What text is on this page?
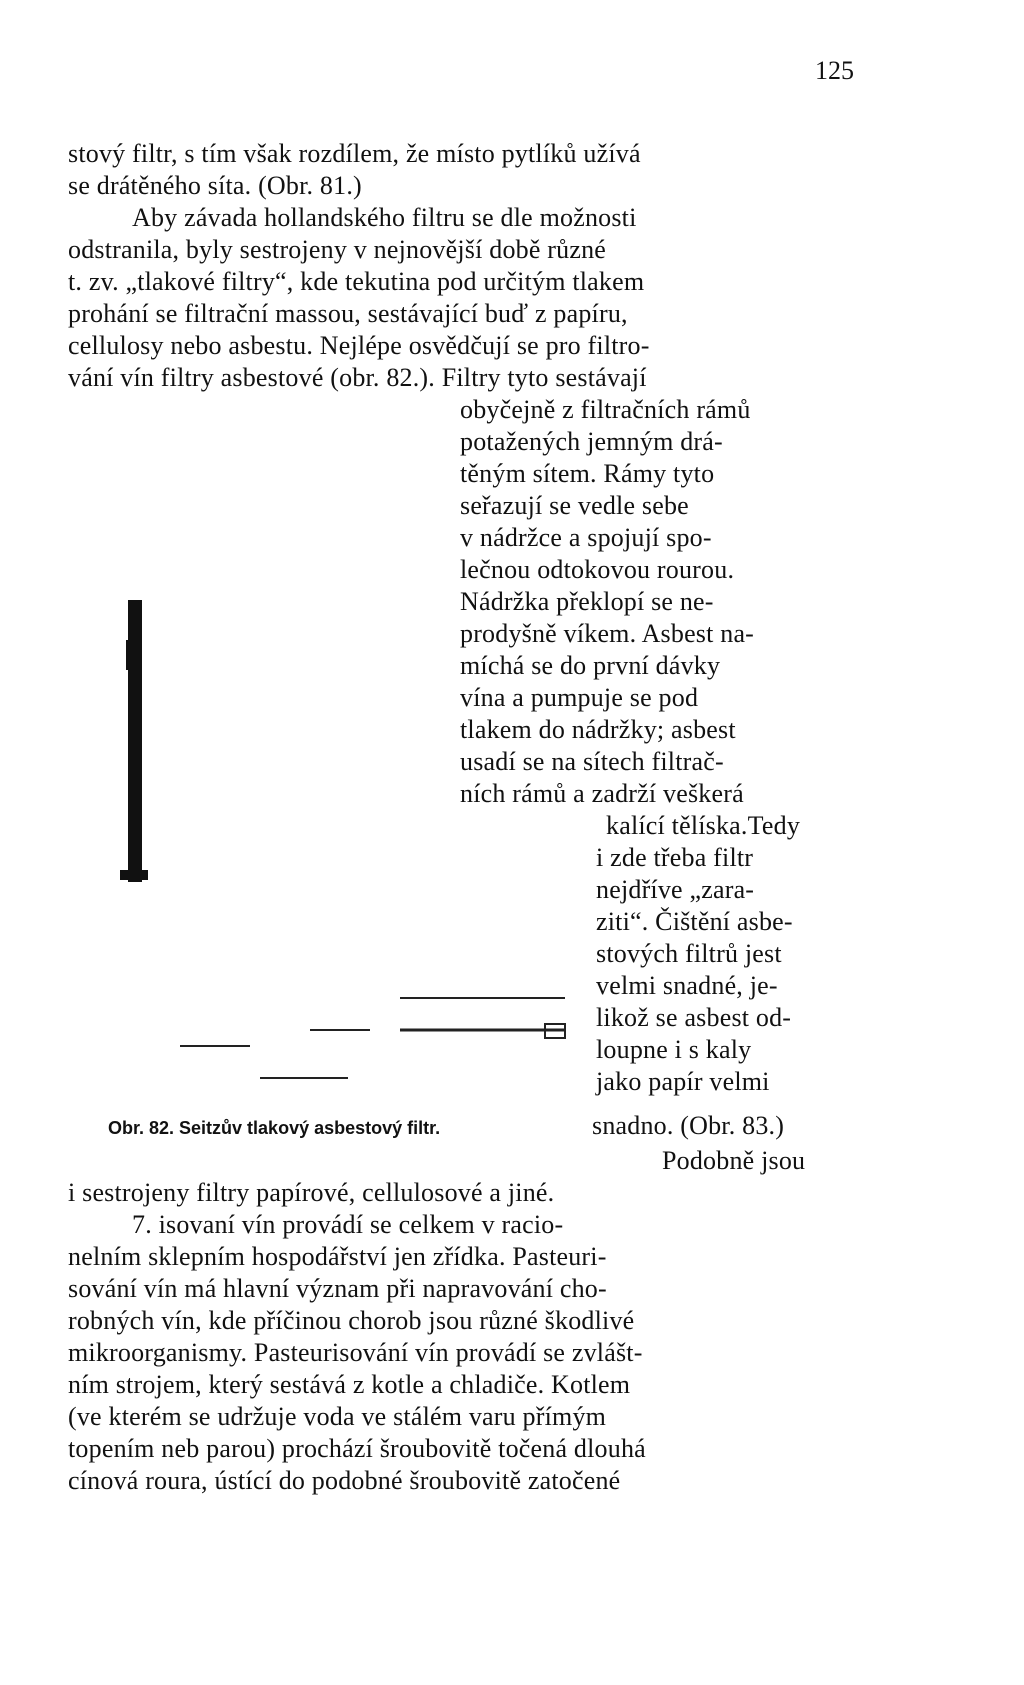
125
Obr. 82. Seitzův tlakový asbestový filtr.
stový filtr, s tím však rozdílem, že místo pytlíků užívá
se drátěného síta. (Obr. 81.)
Aby závada hollandského filtru se dle možnosti
odstranila, byly sestrojeny v nejnovější době různé
t. zv. „tlakové filtry“, kde tekutina pod určitým tlakem
prohání se filtrační massou, sestávající buď z papíru,
cellulosy nebo asbestu. Nejlépe osvědčují se pro filtro-
vání vín filtry asbestové (obr. 82.). Filtry tyto sestávají
obyčejně z filtračních rámů
potažených jemným drá-
těným sítem. Rámy tyto
seřazují se vedle sebe
v nádržce a spojují spo-
lečnou odtokovou rourou.
Nádržka překlopí se ne-
prodyšně víkem. Asbest na-
míchá se do první dávky
vína a pumpuje se pod
tlakem do nádržky; asbest
usadí se na sítech filtrač-
ních rámů a zadrží veškerá
kalící tělíska.Tedy
i zde třeba filtr
nejdříve „zara-
ziti“. Čištění asbe-
stových filtrů jest
velmi snadné, je-
likož se asbest od-
loupne i s kaly
jako papír velmi
snadno. (Obr. 83.)
Podobně jsou
i sestrojeny filtry papírové, cellulosové a jiné.
7. isovaní vín provádí se celkem v racio-
nelním sklepním hospodářství jen zřídka. Pasteuri-
sování vín má hlavní význam při napravování cho-
robných vín, kde příčinou chorob jsou různé škodlivé
mikroorganismy. Pasteurisování vín provádí se zvlášt-
ním strojem, který sestává z kotle a chladiče. Kotlem
(ve kterém se udržuje voda ve stálém varu přímým
topením neb parou) prochází šroubovitě točená dlouhá
cínová roura, ústící do podobné šroubovitě zatočené
